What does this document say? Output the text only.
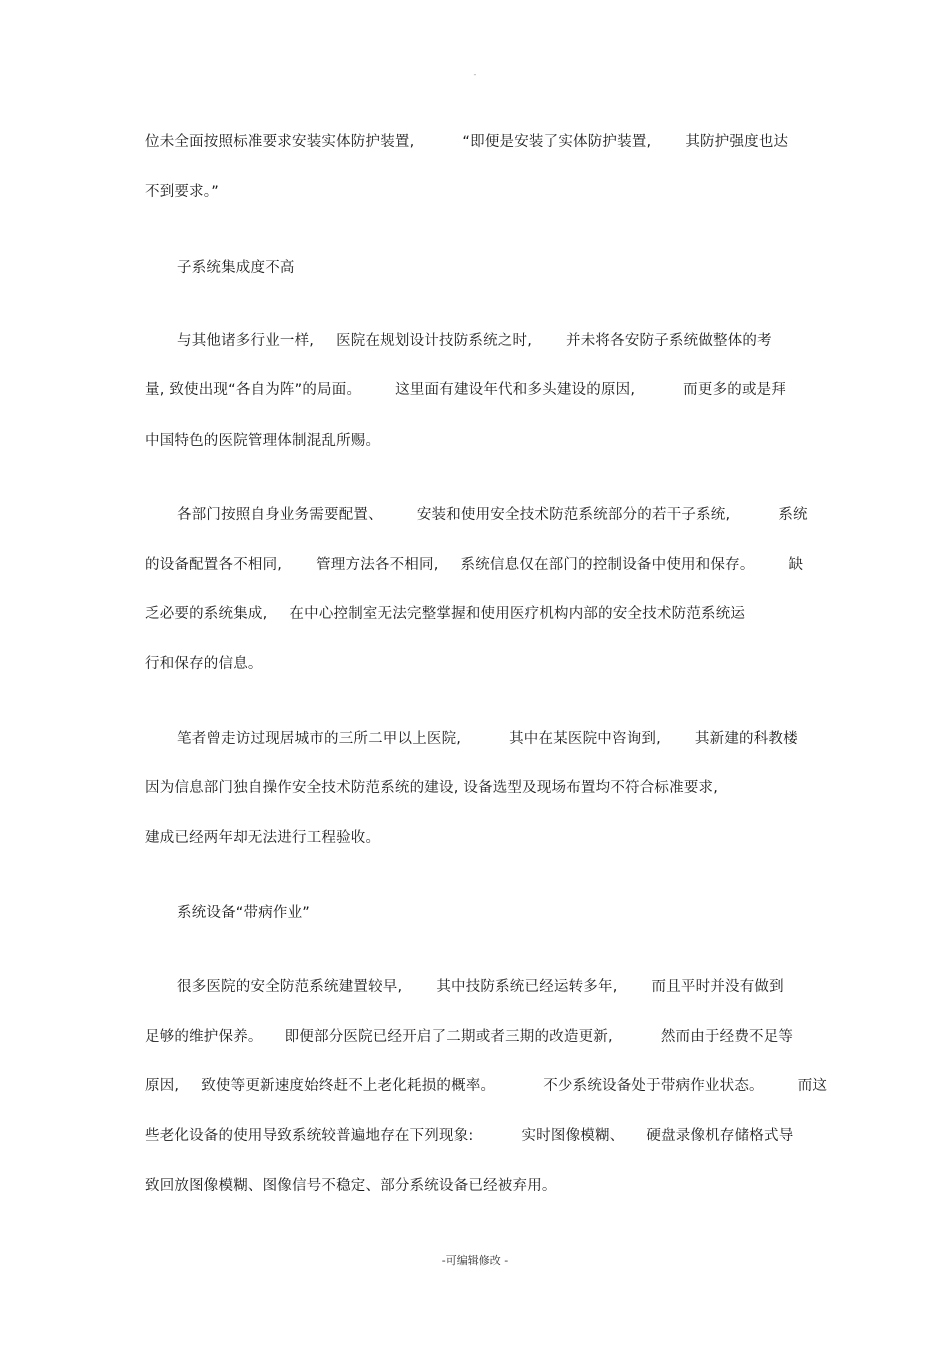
-
位未全面按照标准要求安装实体防护装置,	“即便是安装了实体防护装置, 其防护强度也达
不到要求。”
子系统集成度不高
与其他诸多行业一样, 医院在规划设计技防系统之时, 并未将各安防子系统做整体的考
量, 致使出现“各自为阵”的局面。 这里面有建设年代和多头建设的原因,	而更多的或是拜
中国特色的医院管理体制混乱所赐。
各部门按照自身业务需要配置、 安装和使用安全技术防范系统部分的若干子系统,	系统
的设备配置各不相同, 管理方法各不相同, 系统信息仅在部门的控制设备中使用和保存。 缺
乏必要的系统集成, 在中心控制室无法完整掌握和使用医疗机构内部的安全技术防范系统运
行和保存的信息。
笔者曾走访过现居城市的三所二甲以上医院,	其中在某医院中咨询到, 其新建的科教楼
因为信息部门独自操作安全技术防范系统的建设, 设备选型及现场布置均不符合标准要求,
建成已经两年却无法进行工程验收。
系统设备“带病作业”
很多医院的安全防范系统建置较早, 其中技防系统已经运转多年, 而且平时并没有做到
足够的维护保养。 即便部分医院已经开启了二期或者三期的改造更新,	然而由于经费不足等
原因, 致使等更新速度始终赶不上老化耗损的概率。	不少系统设备处于带病作业状态。 而这
些老化设备的使用导致系统较普遍地存在下列现象:	实时图像模糊、 硬盘录像机存储格式导
致回放图像模糊、图像信号不稳定、部分系统设备已经被弃用。
-可编辑修改 -
